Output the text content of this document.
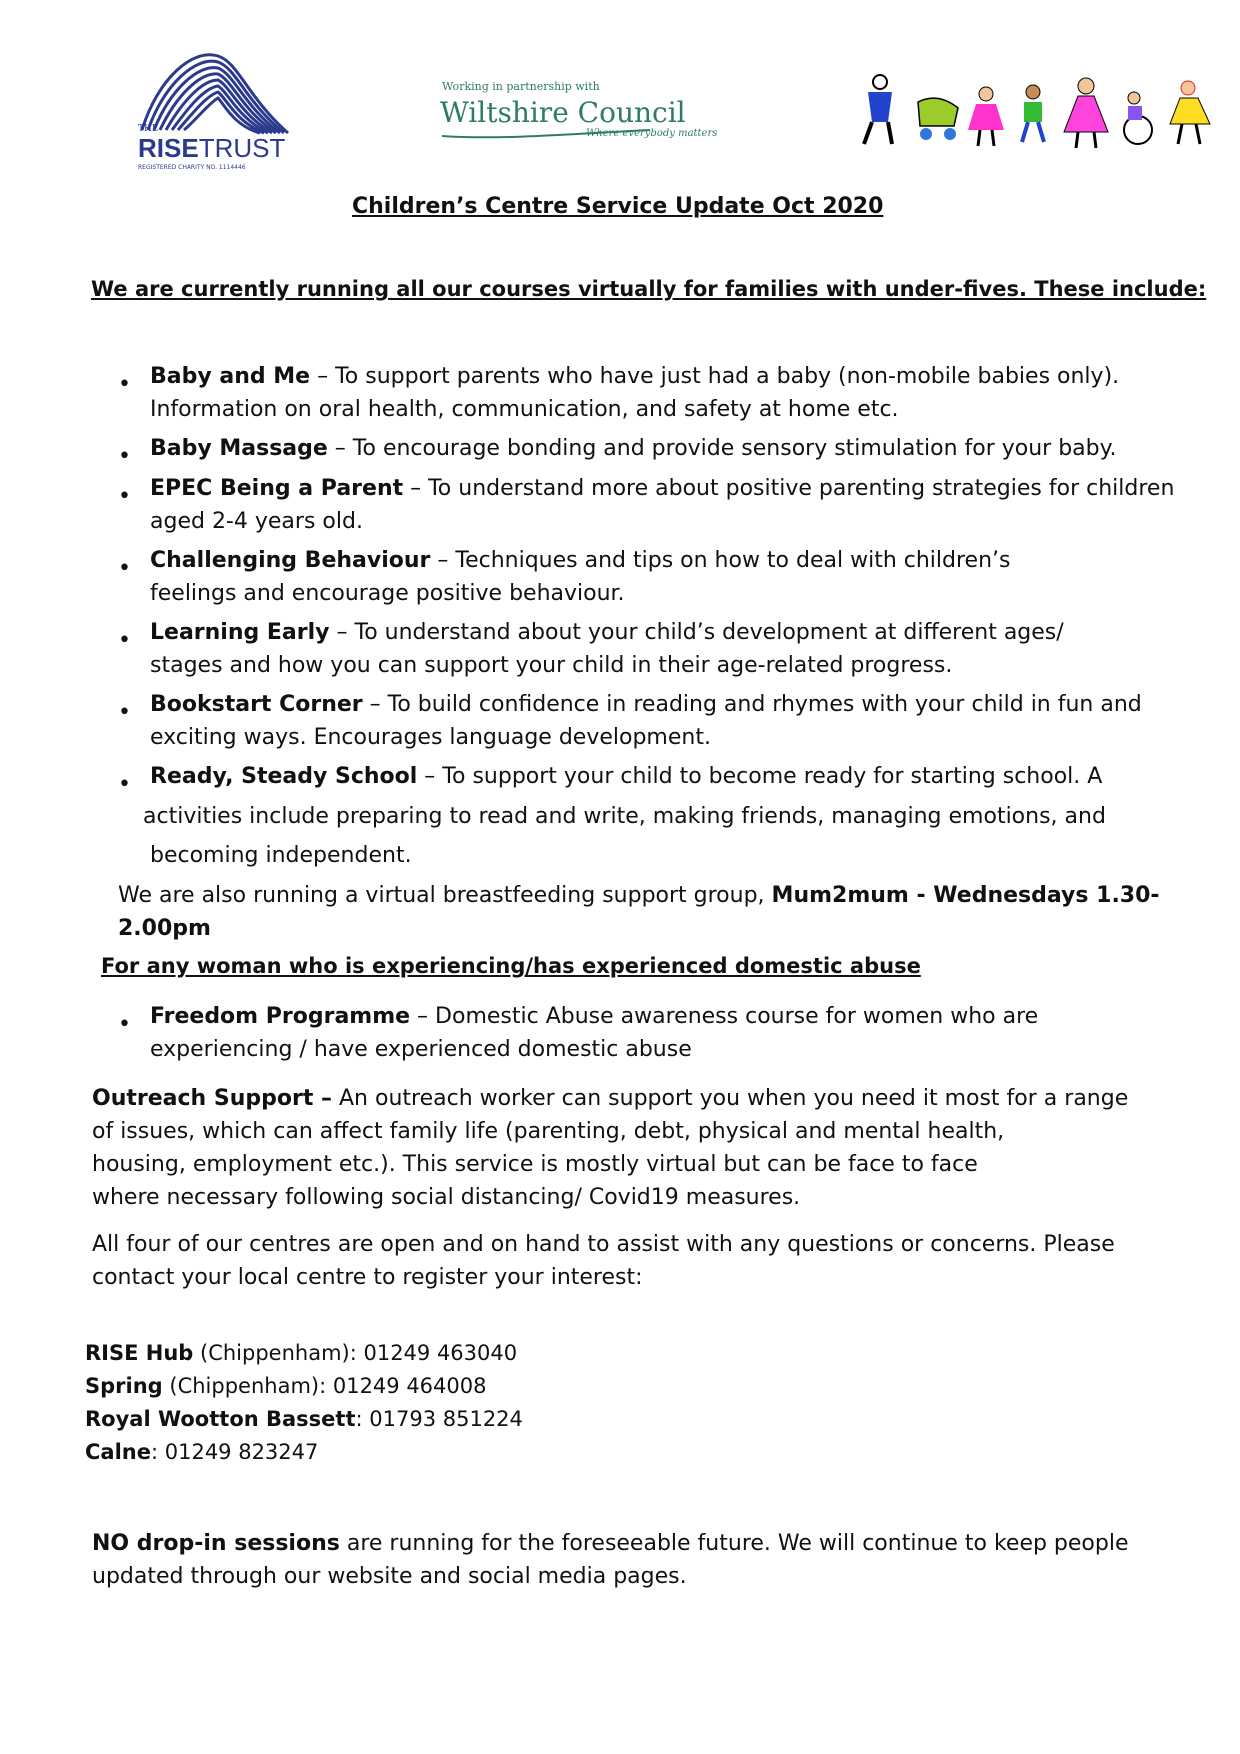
THE
RISETRUST
REGISTERED CHARITY NO. 1114446
Working in partnership with
Wiltshire Council
Where everybody matters
Children’s Centre Service Update Oct 2020
We are currently running all our courses virtually for families with under-fives. These include:
• Baby and Me – To support parents who have just had a baby (non-mobile babies only).
Information on oral health, communication, and safety at home etc.
• Baby Massage – To encourage bonding and provide sensory stimulation for your baby.
• EPEC Being a Parent – To understand more about positive parenting strategies for children
aged 2-4 years old.
• Challenging Behaviour – Techniques and tips on how to deal with children’s
feelings and encourage positive behaviour.
• Learning Early – To understand about your child’s development at different ages/
stages and how you can support your child in their age-related progress.
• Bookstart Corner – To build confidence in reading and rhymes with your child in fun and
exciting ways. Encourages language development.
• Ready, Steady School – To support your child to become ready for starting school. A
activities include preparing to read and write, making friends, managing emotions, and
becoming independent.
We are also running a virtual breastfeeding support group, Mum2mum - Wednesdays 1.30-
2.00pm
For any woman who is experiencing/has experienced domestic abuse
• Freedom Programme – Domestic Abuse awareness course for women who are
experiencing / have experienced domestic abuse
Outreach Support – An outreach worker can support you when you need it most for a range
of issues, which can affect family life (parenting, debt, physical and mental health,
housing, employment etc.). This service is mostly virtual but can be face to face
where necessary following social distancing/ Covid19 measures.
All four of our centres are open and on hand to assist with any questions or concerns. Please
contact your local centre to register your interest:
RISE Hub (Chippenham): 01249 463040
Spring (Chippenham): 01249 464008
Royal Wootton Bassett: 01793 851224
Calne: 01249 823247
NO drop-in sessions are running for the foreseeable future. We will continue to keep people
updated through our website and social media pages.
